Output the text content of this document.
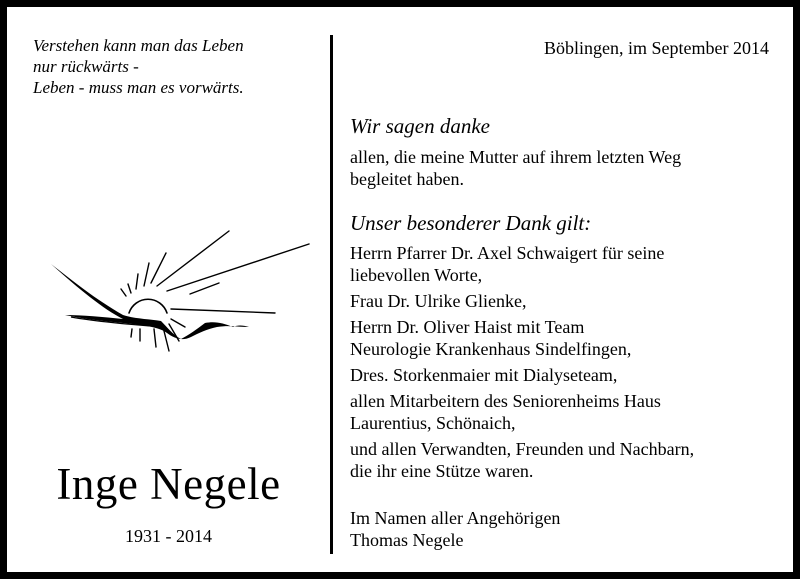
Verstehen kann man das Leben
nur rückwärts -
Leben - muss man es vorwärts.
Inge Negele
1931 - 2014
Böblingen, im September 2014
Wir sagen danke
allen, die meine Mutter auf ihrem letzten Weg
begleitet haben.
Unser besonderer Dank gilt:
Herrn Pfarrer Dr. Axel Schwaigert für seine
liebevollen Worte,
Frau Dr. Ulrike Glienke,
Herrn Dr. Oliver Haist mit Team
Neurologie Krankenhaus Sindelfingen,
Dres. Storkenmaier mit Dialyseteam,
allen Mitarbeitern des Seniorenheims Haus
Laurentius, Schönaich,
und allen Verwandten, Freunden und Nachbarn,
die ihr eine Stütze waren.
Im Namen aller Angehörigen
Thomas Negele
